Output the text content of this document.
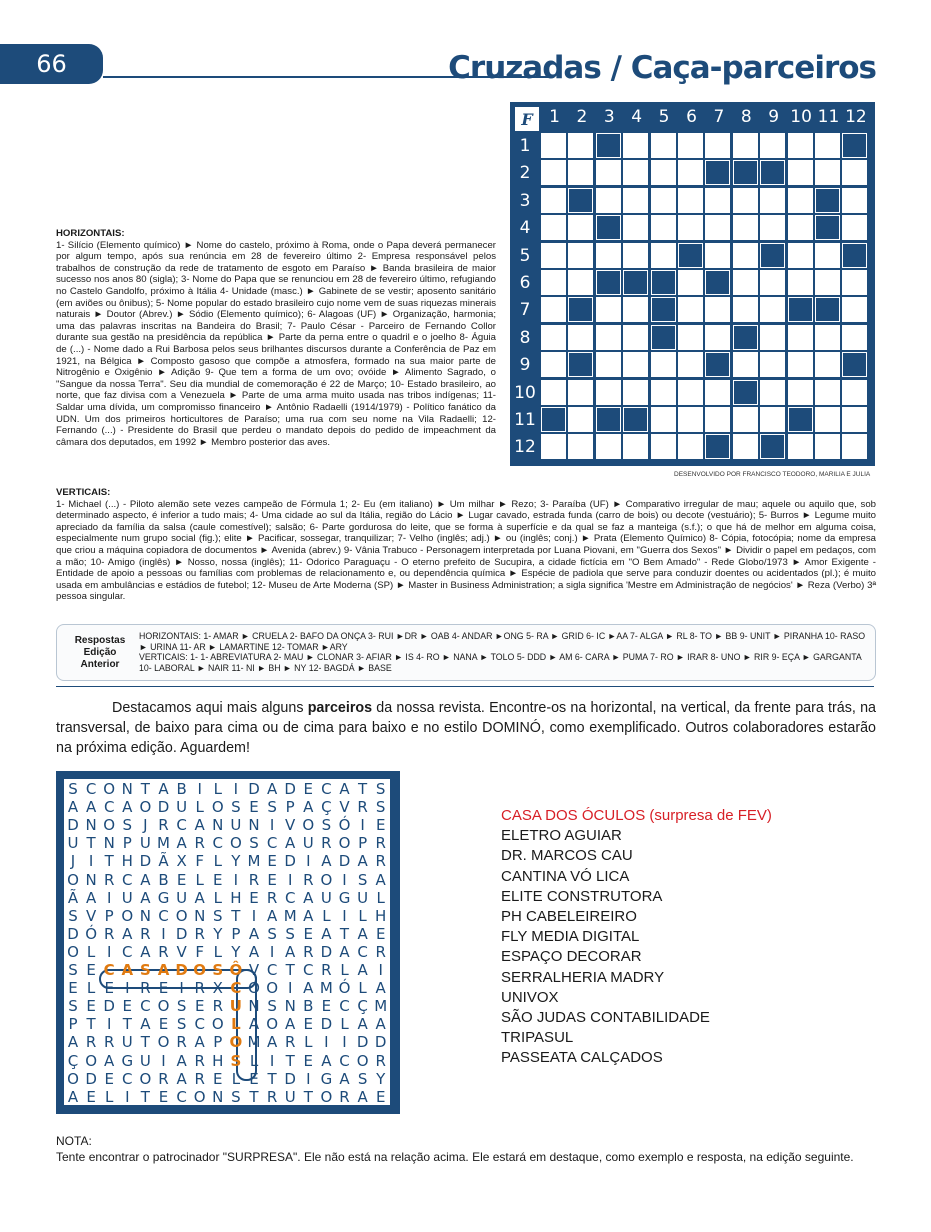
66	Cruzadas / Caça-parceiros
HORIZONTAIS:
1- Silício (Elemento químico) ► Nome do castelo, próximo à Roma, onde o Papa deverá permanecer por algum tempo, após sua renúncia em 28 de fevereiro último 2- Empresa responsável pelos trabalhos de construção da rede de tratamento de esgoto em Paraíso ► Banda brasileira de maior sucesso nos anos 80 (sigla); 3- Nome do Papa que se renunciou em 28 de fevereiro último, refugiando no Castelo Gandolfo, próximo à Itália 4- Unidade (masc.) ► Gabinete de se vestir; aposento sanitário (em aviões ou ônibus); 5- Nome popular do estado brasileiro cujo nome vem de suas riquezas minerais naturais ► Doutor (Abrev.) ► Sódio (Elemento químico); 6- Alagoas (UF) ► Organização, harmonia; uma das palavras inscritas na Bandeira do Brasil; 7- Paulo César - Parceiro de Fernando Collor durante sua gestão na presidência da república ► Parte da perna entre o quadril e o joelho 8- Águia de (...) - Nome dado a Rui Barbosa pelos seus brilhantes discursos durante a Conferência de Paz em 1921, na Bélgica ► Composto gasoso que compõe a atmosfera, formado na sua maior parte de Nitrogênio e Oxigênio ► Adição 9- Que tem a forma de um ovo; ovóide ► Alimento Sagrado, o "Sangue da nossa Terra". Seu dia mundial de comemoração é 22 de Março; 10- Estado brasileiro, ao norte, que faz divisa com a Venezuela ► Parte de uma arma muito usada nas tribos indígenas; 11- Saldar uma dívida, um compromisso financeiro ► Antônio Radaelli (1914/1979) - Político fanático da UDN. Um dos primeiros horticultores de Paraíso; uma rua com seu nome na Vila Radaelli; 12- Fernando (...) - Presidente do Brasil que perdeu o mandato depois do pedido de impeachment da câmara dos deputados, em 1992 ► Membro posterior das aves.
F 1 2 3 4 5 6 7 8 9 10 11 12
1
2
3
4
5
6
7
8
9
10
11
12
DESENVOLVIDO POR FRANCISCO TEODORO, MARILIA E JULIA
VERTICAIS:
1- Michael (...) - Piloto alemão sete vezes campeão de Fórmula 1; 2- Eu (em italiano) ► Um milhar ► Rezo; 3- Paraíba (UF) ► Comparativo irregular de mau; aquele ou aquilo que, sob determinado aspecto, é inferior a tudo mais; 4- Uma cidade ao sul da Itália, região do Lácio ► Lugar cavado, estrada funda (carro de bois) ou decote (vestuário); 5- Burros ► Legume muito apreciado da família da salsa (caule comestível); salsão; 6- Parte gordurosa do leite, que se forma à superfície e da qual se faz a manteiga (s.f.); o que há de melhor em alguma coisa, especialmente num grupo social (fig.); elite ► Pacificar, sossegar, tranquilizar; 7- Velho (inglês; adj.) ► ou (inglês; conj.) ► Prata (Elemento Químico) 8- Cópia, fotocópia; nome da empresa que criou a máquina copiadora de documentos ► Avenida (abrev.) 9- Vânia Trabuco - Personagem interpretada por Luana Piovani, em "Guerra dos Sexos" ► Dividir o papel em pedaços, com a mão; 10- Amigo (inglês) ► Nosso, nossa (inglês); 11- Odorico Paraguaçu - O eterno prefeito de Sucupira, a cidade fictícia em "O Bem Amado" - Rede Globo/1973 ► Amor Exigente - Entidade de apoio a pessoas ou famílias com problemas de relacionamento e, ou dependência química ► Espécie de padiola que serve para conduzir doentes ou acidentados (pl.); é muito usada em ambulâncias e estádios de futebol; 12- Museu de Arte Moderna (SP) ► Master in Business Administration; a sigla significa 'Mestre em Administração de negócios' ► Reza (Verbo) 3ª pessoa singular.
Respostas Edição Anterior
HORIZONTAIS: 1- AMAR ► CRUELA 2- BAFO DA ONÇA 3- RUI ►DR ► OAB 4- ANDAR ►ONG 5- RA ► GRID 6- IC ►AA 7- ALGA ► RL 8- TO ► BB 9- UNIT ► PIRANHA 10- RASO ► URINA 11- AR ► LAMARTINE 12- TOMAR ►ARY
VERTICAIS: 1- 1- ABREVIATURA 2- MAU ► CLONAR 3- AFIAR ► IS 4- RO ► NANA ► TOLO 5- DDD ► AM 6- CARA ► PUMA 7- RO ► IRAR 8- UNO ► RIR 9- EÇA ► GARGANTA 10- LABORAL ► NAIR 11- NI ► BH ► NY 12- BAGDÁ ► BASE
Destacamos aqui mais alguns parceiros da nossa revista. Encontre-os na horizontal, na vertical, da frente para trás, na transversal, de baixo para cima ou de cima para baixo e no estilo DOMINÓ, como exemplificado. Outros colaboradores estarão na próxima edição. Aguardem!
S C O N T A B I L I D A D E C A T S
A A C A O D U L O S E S P A Ç V R S
D N O S J R C A N U N I V O S Ó I E
U T N P U M A R C O S C A U R O P R
J I T H D Ã X F L Y M E D I A D A R
O N R C A B E L E I R E I R O I S A
Ã A I U A G U A L H E R C A U G U L
S V P O N C O N S T I A M A L I L H
D Ó R A R I D R Y P A S S E A T A E
O L I C A R V F L Y A I A R D A C R
S E C A S A D O S Ô V C T C R L A I
E L E I R E I R X C O O I A M Ó L A
S E D E C O S E R U N S N B E C Ç M
P T I T A E S C O L A O A E D L A A
A R R U T O R A P O M A R L I I D D
Ç O A G U I A R H S L I T E A C O R
O D E C O R A R E L E T D I G A S Y
A E L I T E C O N S T R U T O R A E
CASA DOS ÓCULOS (surpresa de FEV)
ELETRO AGUIAR
DR. MARCOS CAU
CANTINA VÓ LICA
ELITE CONSTRUTORA
PH CABELEIREIRO
FLY MEDIA DIGITAL
ESPAÇO DECORAR
SERRALHERIA MADRY
UNIVOX
SÃO JUDAS CONTABILIDADE
TRIPASUL
PASSEATA CALÇADOS
NOTA:
Tente encontrar o patrocinador "SURPRESA". Ele não está na relação acima. Ele estará em destaque, como exemplo e resposta, na edição seguinte.
